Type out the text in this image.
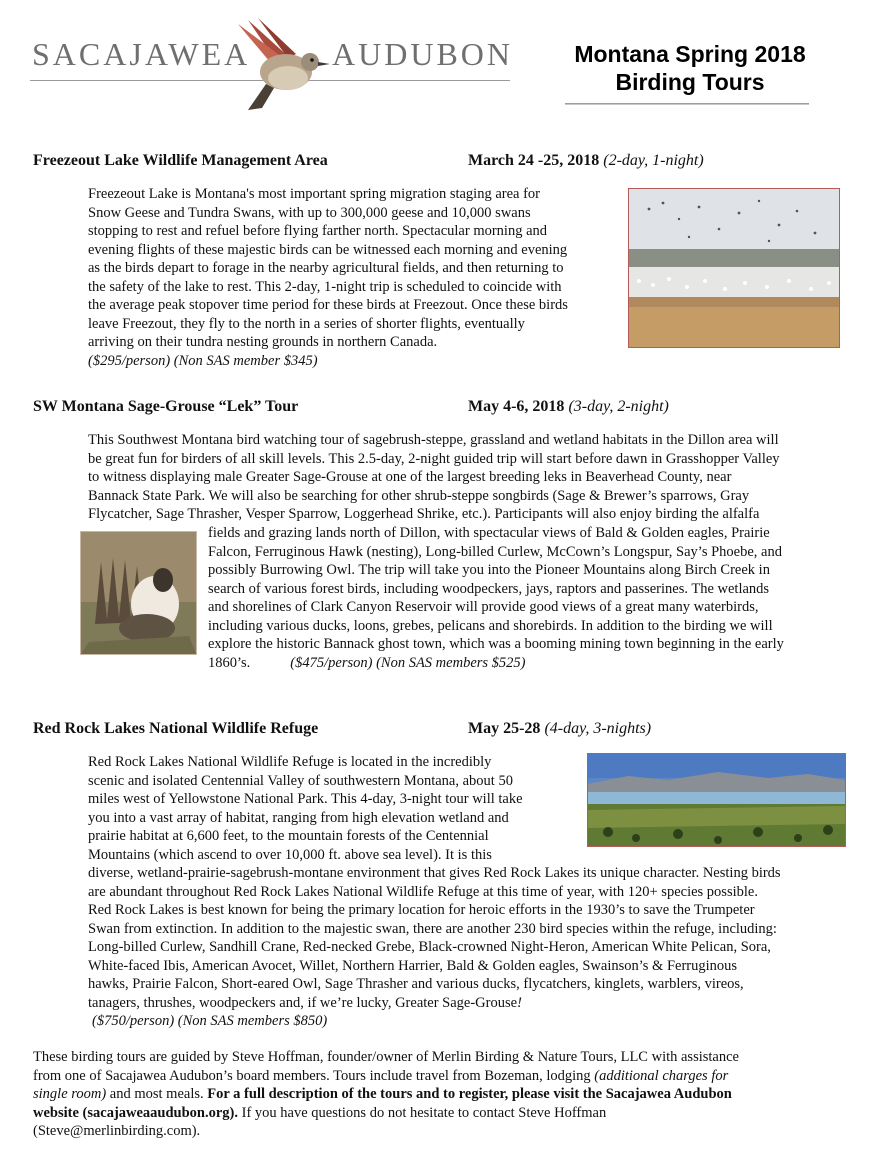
SACAJAWEA	AUDUBON	Montana Spring 2018
Birding Tours
Freezeout Lake Wildlife Management Area	March 24 -25, 2018 (2-day, 1-night)
Freezeout Lake is Montana's most important spring migration staging area for
Snow Geese and Tundra Swans, with up to 300,000 geese and 10,000 swans
stopping to rest and refuel before flying farther north. Spectacular morning and
evening flights of these majestic birds can be witnessed each morning and evening
as the birds depart to forage in the nearby agricultural fields, and then returning to
the safety of the lake to rest. This 2-day, 1-night trip is scheduled to coincide with
the average peak stopover time period for these birds at Freezout. Once these birds
leave Freezout, they fly to the north in a series of shorter flights, eventually
arriving on their tundra nesting grounds in northern Canada.
($295/person) (Non SAS member $345)
SW Montana Sage-Grouse “Lek” Tour	May 4-6, 2018 (3-day, 2-night)
This Southwest Montana bird watching tour of sagebrush-steppe, grassland and wetland habitats in the Dillon area will
be great fun for birders of all skill levels. This 2.5-day, 2-night guided trip will start before dawn in Grasshopper Valley
to witness displaying male Greater Sage-Grouse at one of the largest breeding leks in Beaverhead County, near
Bannack State Park. We will also be searching for other shrub-steppe songbirds (Sage & Brewer’s sparrows, Gray
Flycatcher, Sage Thrasher, Vesper Sparrow, Loggerhead Shrike, etc.). Participants will also enjoy birding the alfalfa
fields and grazing lands north of Dillon, with spectacular views of Bald & Golden eagles, Prairie
Falcon, Ferruginous Hawk (nesting), Long-billed Curlew, McCown’s Longspur, Say’s Phoebe, and
possibly Burrowing Owl. The trip will take you into the Pioneer Mountains along Birch Creek in
search of various forest birds, including woodpeckers, jays, raptors and passerines. The wetlands
and shorelines of Clark Canyon Reservoir will provide good views of a great many waterbirds,
including various ducks, loons, grebes, pelicans and shorebirds. In addition to the birding we will
explore the historic Bannack ghost town, which was a booming mining town beginning in the early
1860’s.	($475/person) (Non SAS members $525)
Red Rock Lakes National Wildlife Refuge	May 25-28 (4-day, 3-nights)
Red Rock Lakes National Wildlife Refuge is located in the incredibly
scenic and isolated Centennial Valley of southwestern Montana, about 50
miles west of Yellowstone National Park. This 4-day, 3-night tour will take
you into a vast array of habitat, ranging from high elevation wetland and
prairie habitat at 6,600 feet, to the mountain forests of the Centennial
Mountains (which ascend to over 10,000 ft. above sea level). It is this
diverse, wetland-prairie-sagebrush-montane environment that gives Red Rock Lakes its unique character. Nesting birds
are abundant throughout Red Rock Lakes National Wildlife Refuge at this time of year, with 120+ species possible.
Red Rock Lakes is best known for being the primary location for heroic efforts in the 1930’s to save the Trumpeter
Swan from extinction. In addition to the majestic swan, there are another 230 bird species within the refuge, including:
Long-billed Curlew, Sandhill Crane, Red-necked Grebe, Black-crowned Night-Heron, American White Pelican, Sora,
White-faced Ibis, American Avocet, Willet, Northern Harrier, Bald & Golden eagles, Swainson’s & Ferruginous
hawks, Prairie Falcon, Short-eared Owl, Sage Thrasher and various ducks, flycatchers, kinglets, warblers, vireos,
tanagers, thrushes, woodpeckers and, if we’re lucky, Greater Sage-Grouse!
($750/person) (Non SAS members $850)
These birding tours are guided by Steve Hoffman, founder/owner of Merlin Birding & Nature Tours, LLC with assistance
from one of Sacajawea Audubon’s board members. Tours include travel from Bozeman, lodging (additional charges for
single room) and most meals. For a full description of the tours and to register, please visit the Sacajawea Audubon
website (sacajaweaaudubon.org). If you have questions do not hesitate to contact Steve Hoffman
(Steve@merlinbirding.com).
